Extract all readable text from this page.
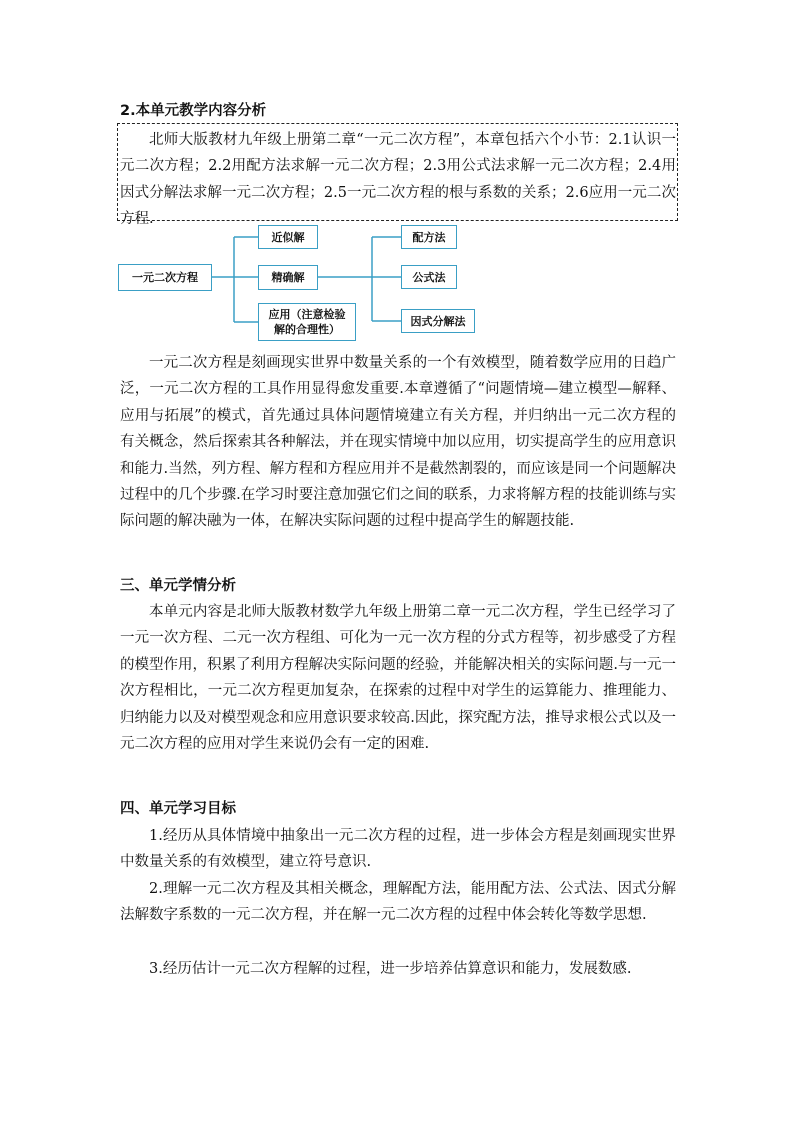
2.本单元教学内容分析
北师大版教材九年级上册第二章“一元二次方程”，本章包括六个小节：2.1认识一元二次方程；2.2用配方法求解一元二次方程；2.3用公式法求解一元二次方程；2.4用因式分解法求解一元二次方程；2.5一元二次方程的根与系数的关系；2.6应用一元二次方程.
一元二次方程
近似解
精确解
应用（注意检验解的合理性）
配方法
公式法
因式分解法
一元二次方程是刻画现实世界中数量关系的一个有效模型，随着数学应用的日趋广泛，一元二次方程的工具作用显得愈发重要.本章遵循了“问题情境—建立模型—解释、应用与拓展”的模式，首先通过具体问题情境建立有关方程，并归纳出一元二次方程的有关概念，然后探索其各种解法，并在现实情境中加以应用，切实提高学生的应用意识和能力.当然，列方程、解方程和方程应用并不是截然割裂的，而应该是同一个问题解决过程中的几个步骤.在学习时要注意加强它们之间的联系，力求将解方程的技能训练与实际问题的解决融为一体，在解决实际问题的过程中提高学生的解题技能.
三、单元学情分析
本单元内容是北师大版教材数学九年级上册第二章一元二次方程，学生已经学习了一元一次方程、二元一次方程组、可化为一元一次方程的分式方程等，初步感受了方程的模型作用，积累了利用方程解决实际问题的经验，并能解决相关的实际问题.与一元一次方程相比，一元二次方程更加复杂，在探索的过程中对学生的运算能力、推理能力、归纳能力以及对模型观念和应用意识要求较高.因此，探究配方法，推导求根公式以及一元二次方程的应用对学生来说仍会有一定的困难.
四、单元学习目标
1.经历从具体情境中抽象出一元二次方程的过程，进一步体会方程是刻画现实世界中数量关系的有效模型，建立符号意识.
2.理解一元二次方程及其相关概念，理解配方法，能用配方法、公式法、因式分解法解数字系数的一元二次方程，并在解一元二次方程的过程中体会转化等数学思想.
3.经历估计一元二次方程解的过程，进一步培养估算意识和能力，发展数感.
